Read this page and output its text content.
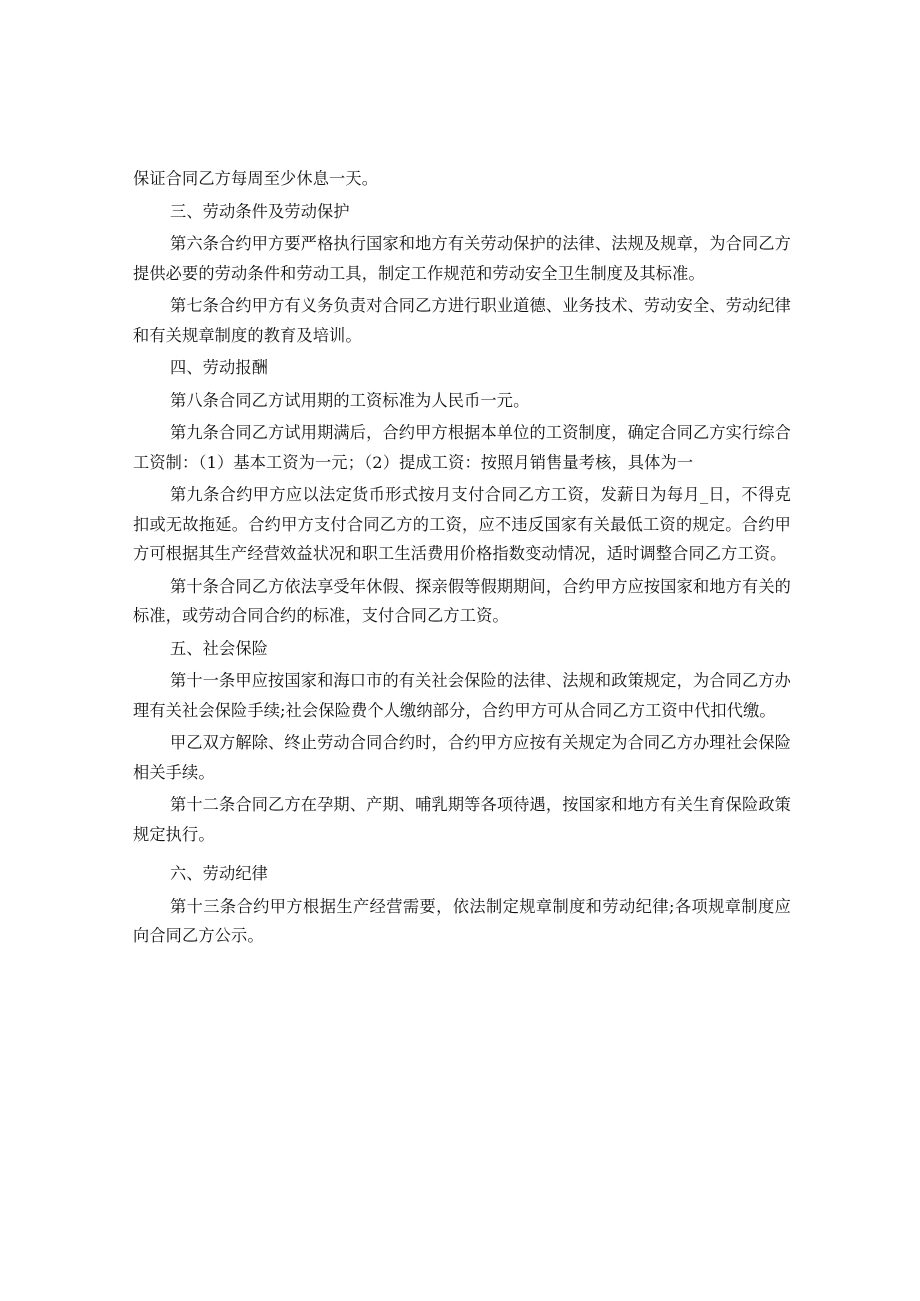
保证合同乙方每周至少休息一天。

三、劳动条件及劳动保护

第六条合约甲方要严格执行国家和地方有关劳动保护的法律、法规及规章，为合同乙方提供必要的劳动条件和劳动工具，制定工作规范和劳动安全卫生制度及其标准。

第七条合约甲方有义务负责对合同乙方进行职业道德、业务技术、劳动安全、劳动纪律和有关规章制度的教育及培训。

四、劳动报酬

第八条合同乙方试用期的工资标准为人民币一元。

第九条合同乙方试用期满后，合约甲方根据本单位的工资制度，确定合同乙方实行综合工资制：（1）基本工资为一元；（2）提成工资：按照月销售量考核，具体为一

第九条合约甲方应以法定货币形式按月支付合同乙方工资，发薪日为每月_日，不得克扣或无故拖延。合约甲方支付合同乙方的工资，应不违反国家有关最低工资的规定。合约甲方可根据其生产经营效益状况和职工生活费用价格指数变动情况，适时调整合同乙方工资。

第十条合同乙方依法享受年休假、探亲假等假期期间，合约甲方应按国家和地方有关的标准，或劳动合同合约的标准，支付合同乙方工资。

五、社会保险

第十一条甲应按国家和海口市的有关社会保险的法律、法规和政策规定，为合同乙方办理有关社会保险手续;社会保险费个人缴纳部分，合约甲方可从合同乙方工资中代扣代缴。

甲乙双方解除、终止劳动合同合约时，合约甲方应按有关规定为合同乙方办理社会保险相关手续。

第十二条合同乙方在孕期、产期、哺乳期等各项待遇，按国家和地方有关生育保险政策规定执行。

六、劳动纪律

第十三条合约甲方根据生产经营需要，依法制定规章制度和劳动纪律;各项规章制度应向合同乙方公示。
